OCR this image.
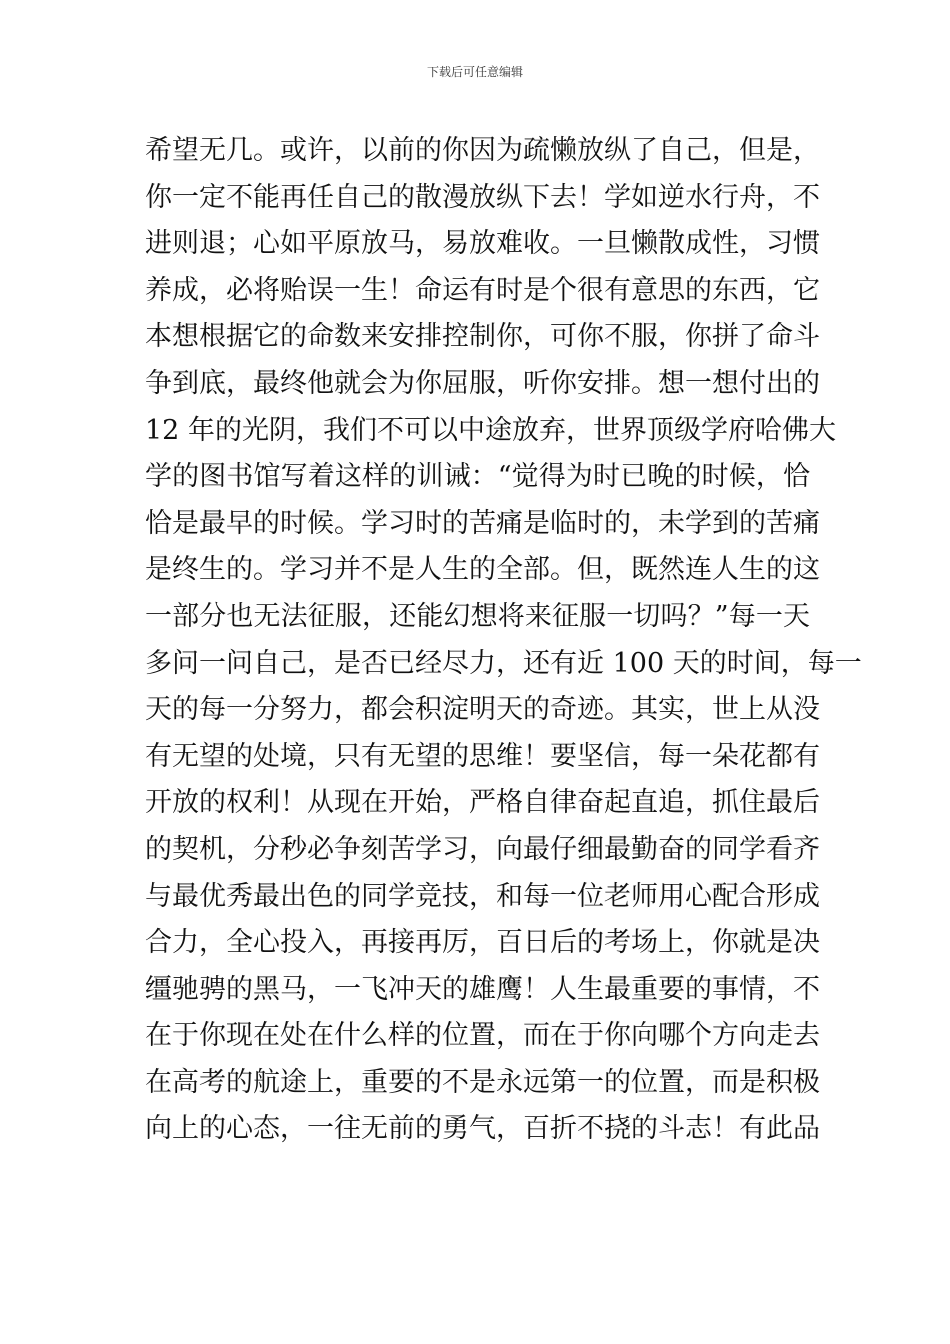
下载后可任意编辑
希望无几。或许，以前的你因为疏懒放纵了自己，但是，
你一定不能再任自己的散漫放纵下去！学如逆水行舟，不
进则退；心如平原放马，易放难收。一旦懒散成性，习惯
养成，必将贻误一生！命运有时是个很有意思的东西，它
本想根据它的命数来安排控制你，可你不服，你拼了命斗
争到底，最终他就会为你屈服，听你安排。想一想付出的
12 年的光阴，我们不可以中途放弃，世界顶级学府哈佛大
学的图书馆写着这样的训诫：“觉得为时已晚的时候，恰
恰是最早的时候。学习时的苦痛是临时的，未学到的苦痛
是终生的。学习并不是人生的全部。但，既然连人生的这
一部分也无法征服，还能幻想将来征服一切吗？”每一天
多问一问自己，是否已经尽力，还有近 100 天的时间，每一
天的每一分努力，都会积淀明天的奇迹。其实，世上从没
有无望的处境，只有无望的思维！要坚信，每一朵花都有
开放的权利！从现在开始，严格自律奋起直追，抓住最后
的契机，分秒必争刻苦学习，向最仔细最勤奋的同学看齐
与最优秀最出色的同学竞技，和每一位老师用心配合形成
合力，全心投入，再接再厉，百日后的考场上，你就是决
缰驰骋的黑马，一飞冲天的雄鹰！人生最重要的事情，不
在于你现在处在什么样的位置，而在于你向哪个方向走去
在高考的航途上，重要的不是永远第一的位置，而是积极
向上的心态，一往无前的勇气，百折不挠的斗志！有此品
